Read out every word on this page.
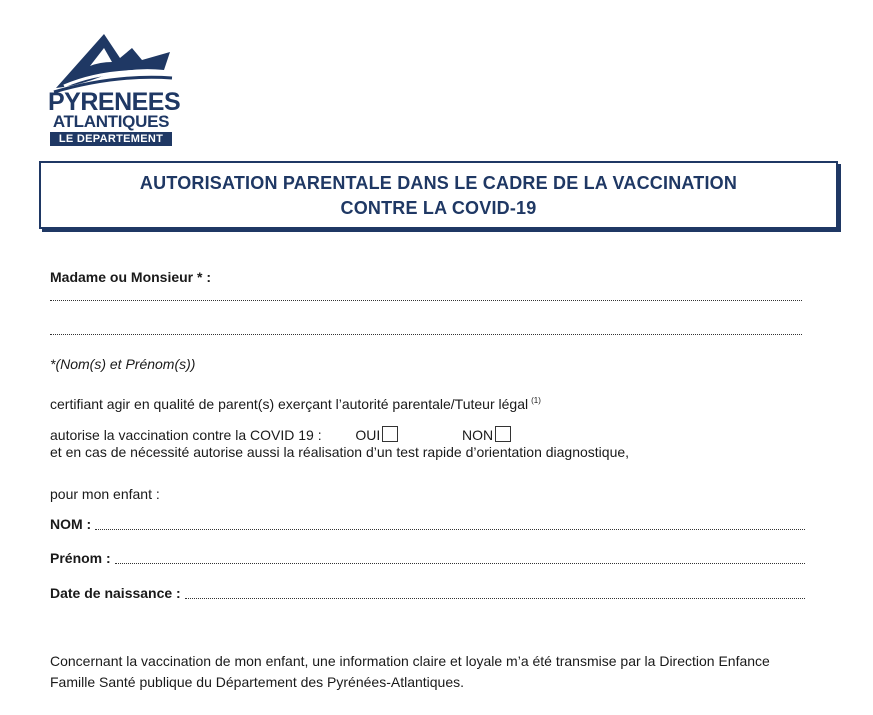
PYRENEES
ATLANTIQUES
LE DEPARTEMENT
AUTORISATION PARENTALE DANS LE CADRE DE LA VACCINATION
CONTRE LA COVID-19
Madame ou Monsieur * :
*(Nom(s) et Prénom(s))
certifiant agir en qualité de parent(s) exerçant l’autorité parentale/Tuteur légal $^{(1)}$
autorise la vaccination contre la COVID 19 : OUI	NON
et en cas de nécessité autorise aussi la réalisation d’un test rapide d’orientation diagnostique,
pour mon enfant :
NOM :
Prénom :
Date de naissance :
Concernant la vaccination de mon enfant, une information claire et loyale m’a été transmise par la Direction Enfance
Famille Santé publique du Département des Pyrénées-Atlantiques.
